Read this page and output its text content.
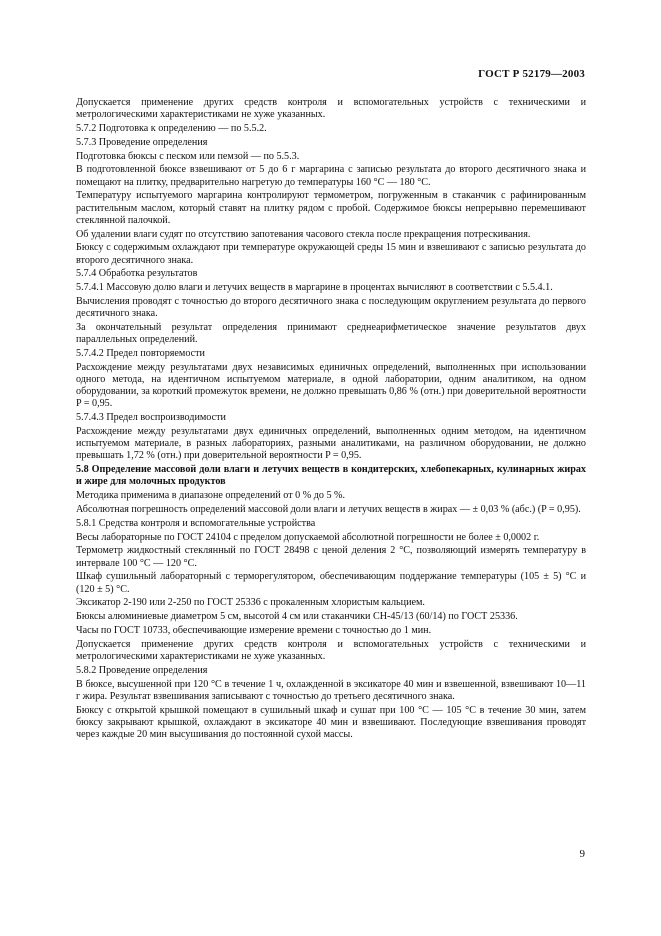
ГОСТ Р 52179—2003

Допускается применение других средств контроля и вспомогательных устройств с техническими и метрологическими характеристиками не хуже указанных.

5.7.2 Подготовка к определению — по 5.5.2.

5.7.3 Проведение определения

Подготовка бюксы с песком или пемзой — по 5.5.3.

В подготовленной бюксе взвешивают от 5 до 6 г маргарина с записью результата до второго десятичного знака и помещают на плитку, предварительно нагретую до температуры 160 °С — 180 °С.

Температуру испытуемого маргарина контролируют термометром, погруженным в стаканчик с рафинированным растительным маслом, который ставят на плитку рядом с пробой. Содержимое бюксы непрерывно перемешивают стеклянной палочкой.

Об удалении влаги судят по отсутствию запотевания часового стекла после прекращения потрескивания.

Бюксу с содержимым охлаждают при температуре окружающей среды 15 мин и взвешивают с записью результата до второго десятичного знака.

5.7.4 Обработка результатов

5.7.4.1 Массовую долю влаги и летучих веществ в маргарине в процентах вычисляют в соответствии с 5.5.4.1.

Вычисления проводят с точностью до второго десятичного знака с последующим округлением результата до первого десятичного знака.

За окончательный результат определения принимают среднеарифметическое значение результатов двух параллельных определений.

5.7.4.2 Предел повторяемости

Расхождение между результатами двух независимых единичных определений, выполненных при использовании одного метода, на идентичном испытуемом материале, в одной лаборатории, одним аналитиком, на одном оборудовании, за короткий промежуток времени, не должно превышать 0,86 % (отн.) при доверительной вероятности P = 0,95.

5.7.4.3 Предел воспроизводимости

Расхождение между результатами двух единичных определений, выполненных одним методом, на идентичном испытуемом материале, в разных лабораториях, разными аналитиками, на различном оборудовании, не должно превышать 1,72 % (отн.) при доверительной вероятности P = 0,95.

5.8 Определение массовой доли влаги и летучих веществ в кондитерских, хлебопекарных, кулинарных жирах и жире для молочных продуктов

Методика применима в диапазоне определений от 0 % до 5 %.

Абсолютная погрешность определений массовой доли влаги и летучих веществ в жирах — ± 0,03 % (абс.) (P = 0,95).

5.8.1 Средства контроля и вспомогательные устройства

Весы лабораторные по ГОСТ 24104 с пределом допускаемой абсолютной погрешности не более ± 0,0002 г.

Термометр жидкостный стеклянный по ГОСТ 28498 с ценой деления 2 °С, позволяющий измерять температуру в интервале 100 °С — 120 °С.

Шкаф сушильный лабораторный с терморегулятором, обеспечивающим поддержание температуры (105 ± 5) °С и (120 ± 5) °С.

Эксикатор 2-190 или 2-250 по ГОСТ 25336 с прокаленным хлористым кальцием.

Бюксы алюминиевые диаметром 5 см, высотой 4 см или стаканчики СН-45/13 (60/14) по ГОСТ 25336.

Часы по ГОСТ 10733, обеспечивающие измерение времени с точностью до 1 мин.

Допускается применение других средств контроля и вспомогательных устройств с техническими и метрологическими характеристиками не хуже указанных.

5.8.2 Проведение определения

В бюксе, высушенной при 120 °С в течение 1 ч, охлажденной в эксикаторе 40 мин и взвешенной, взвешивают 10—11 г жира. Результат взвешивания записывают с точностью до третьего десятичного знака.

Бюксу с открытой крышкой помещают в сушильный шкаф и сушат при 100 °С — 105 °С в течение 30 мин, затем бюксу закрывают крышкой, охлаждают в эксикаторе 40 мин и взвешивают. Последующие взвешивания проводят через каждые 20 мин высушивания до постоянной сухой массы.

9
